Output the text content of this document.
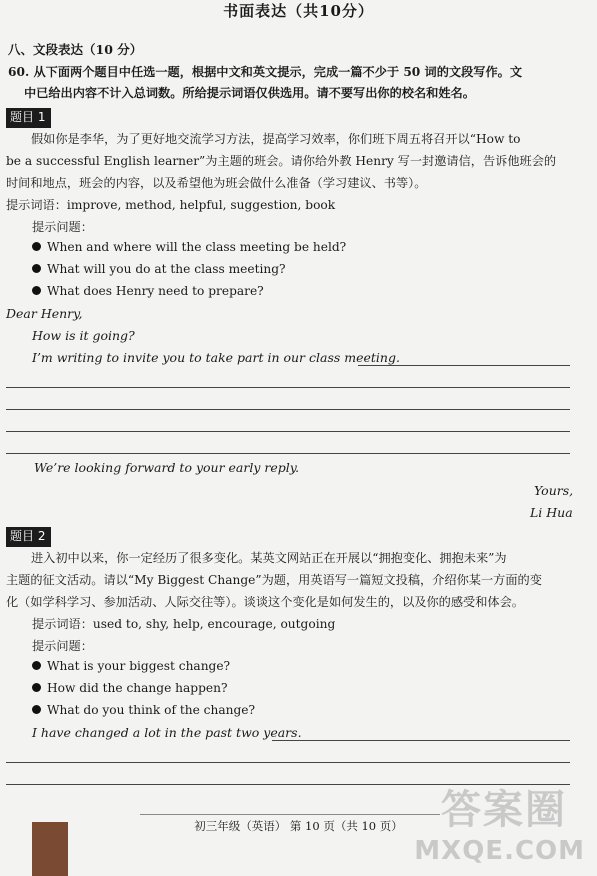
书面表达（共10分）
八、文段表达（10 分）
60. 从下面两个题目中任选一题，根据中文和英文提示，完成一篇不少于 50 词的文段写作。文
中已给出内容不计入总词数。所给提示词语仅供选用。请不要写出你的校名和姓名。
题目 1
假如你是李华，为了更好地交流学习方法，提高学习效率，你们班下周五将召开以“How to
be a successful English learner”为主题的班会。请你给外教 Henry 写一封邀请信，告诉他班会的
时间和地点，班会的内容，以及希望他为班会做什么准备（学习建议、书等）。
提示词语：improve, method, helpful, suggestion, book
提示问题：
When and where will the class meeting be held?
What will you do at the class meeting?
What does Henry need to prepare?
Dear Henry,
How is it going?
I’m writing to invite you to take part in our class meeting.
We’re looking forward to your early reply.
Yours,
Li Hua
题目 2
进入初中以来，你一定经历了很多变化。某英文网站正在开展以“拥抱变化、拥抱未来”为
主题的征文活动。请以“My Biggest Change”为题，用英语写一篇短文投稿，介绍你某一方面的变
化（如学科学习、参加活动、人际交往等）。谈谈这个变化是如何发生的，以及你的感受和体会。
提示词语：used to, shy, help, encourage, outgoing
提示问题：
What is your biggest change?
How did the change happen?
What do you think of the change?
I have changed a lot in the past two years.
初三年级（英语） 第 10 页（共 10 页） 答案圈
MXQE.COM
